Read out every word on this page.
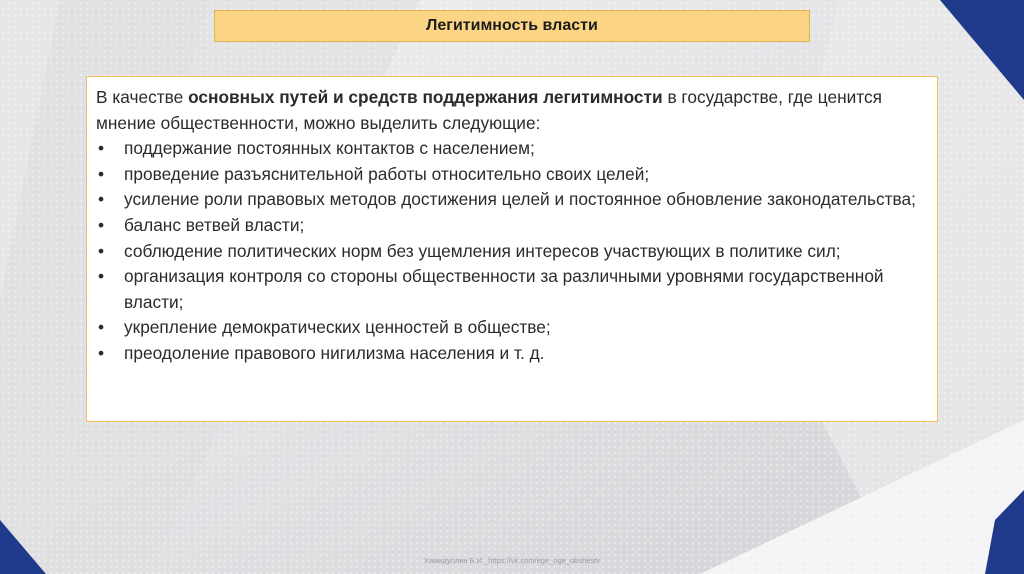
Легитимность власти

В качестве основных путей и средств поддержания легитимности в государстве, где ценится мнение общественности, можно выделить следующие:

• поддержание постоянных контактов с населением;
• проведение разъяснительной работы относительно своих целей;
• усиление роли правовых методов достижения целей и постоянное обновление законодательства;
• баланс ветвей власти;
• соблюдение политических норм без ущемления интересов участвующих в политике сил;
• организация контроля со стороны общественности за различными уровнями государственной власти;
• укрепление демократических ценностей в обществе;
• преодоление правового нигилизма населения и т. д.
Хамидуллин Б.И._https://vk.com/ege_oge_obshestv
